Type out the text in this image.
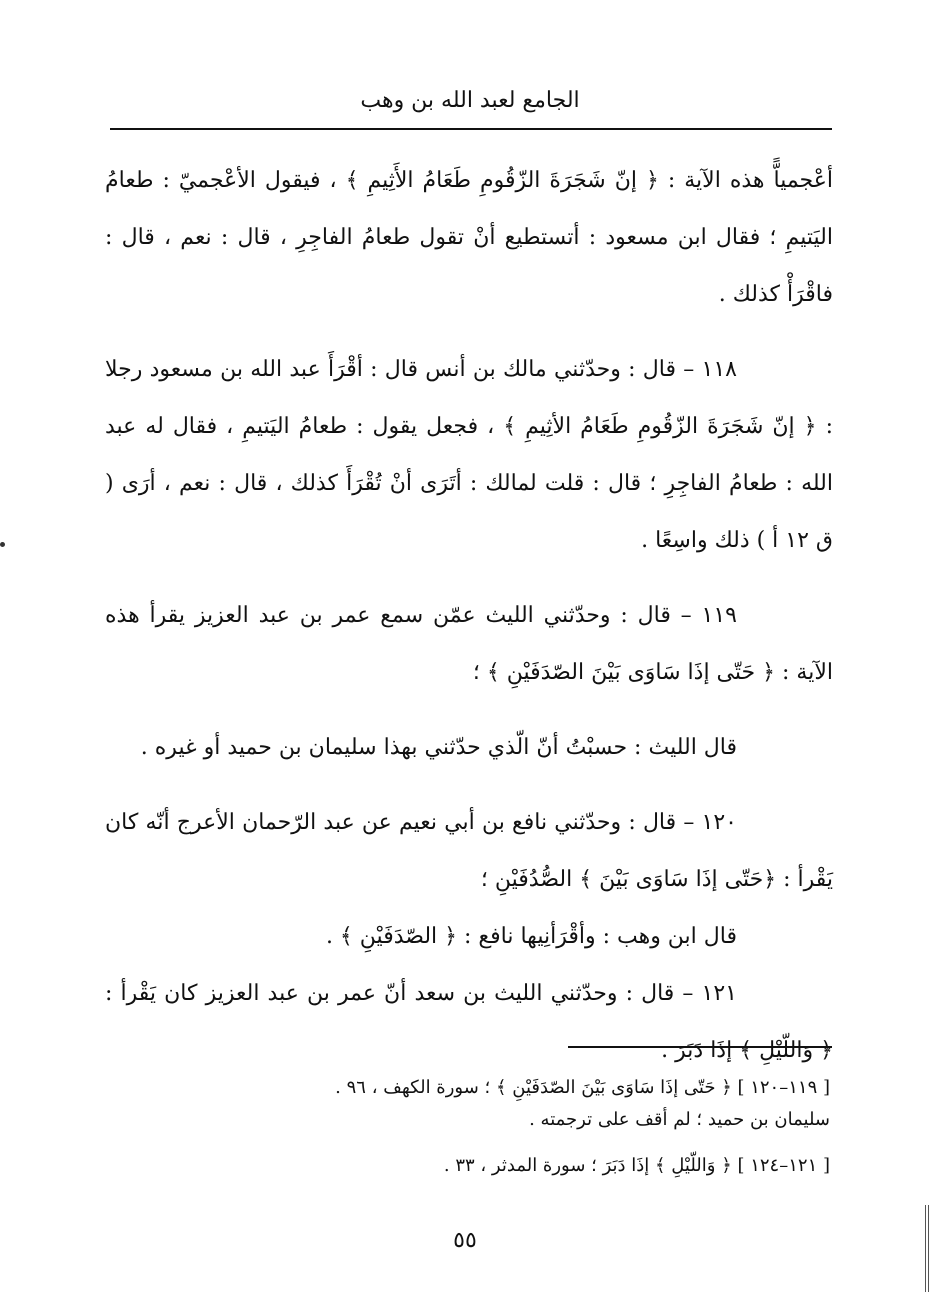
الجامع لعبد الله بن وهب

أعْجمياًّ هذه الآية : ﴿ إنّ شَجَرَةَ الزّقُومِ طَعَامُ الأَثِيمِ ﴾ ، فيقول الأعْجميّ : طعامُ اليَتيمِ ؛ فقال ابن مسعود : أتستطيع أنْ تقول طعامُ الفاجِرِ ، قال : نعم ، قال : فاقْرَأْ كذلك .

١١٨ – قال : وحدّثني مالك بن أنس قال : أقْرَأَ عبد الله بن مسعود رجلا : ﴿ إنّ شَجَرَةَ الزّقُومِ طَعَامُ الأثِيمِ ﴾ ، فجعل يقول : طعامُ اليَتيمِ ، فقال له عبد الله : طعامُ الفاجِرِ ؛ قال : قلت لمالك : أتَرَى أنْ تُقْرَأَ كذلك ، قال : نعم ، أرَى ( ق ١٢ أ ) ذلك واسِعًا .

١١٩ – قال : وحدّثني الليث عمّن سمع عمر بن عبد العزيز يقرأ هذه الآية : ﴿ حَتّى إذَا سَاوَى بَيْنَ الصّدَفَيْنِ ﴾ ؛

قال الليث : حسبْتُ أنّ الّذي حدّثني بهذا سليمان بن حميد أو غيره .

١٢٠ – قال : وحدّثني نافع بن أبي نعيم عن عبد الرّحمان الأعرج أنّه كان يَقْرأ : ﴿حَتّى إذَا سَاوَى بَيْنَ ﴾ الصُّدُفَيْنِ ؛

قال ابن وهب : وأقْرَأنِيها نافع : ﴿ الصّدَفَيْنِ ﴾ .

١٢١ – قال : وحدّثني الليث بن سعد أنّ عمر بن عبد العزيز كان يَقْرأ : ﴿ وَاللّيْلِ ﴾ إذَا دَبَرَ .

[ ١١٩–١٢٠ ] ﴿ حَتّى إذَا سَاوَى بَيْنَ الصّدَفَيْنِ ﴾ ؛ سورة الكهف ، ٩٦ .

سليمان بن حميد ؛ لم أقف على ترجمته .

[ ١٢١–١٢٤ ] ﴿ وَاللّيْلِ ﴾ إذَا دَبَرَ ؛ سورة المدثر ، ٣٣ .

٥٥
